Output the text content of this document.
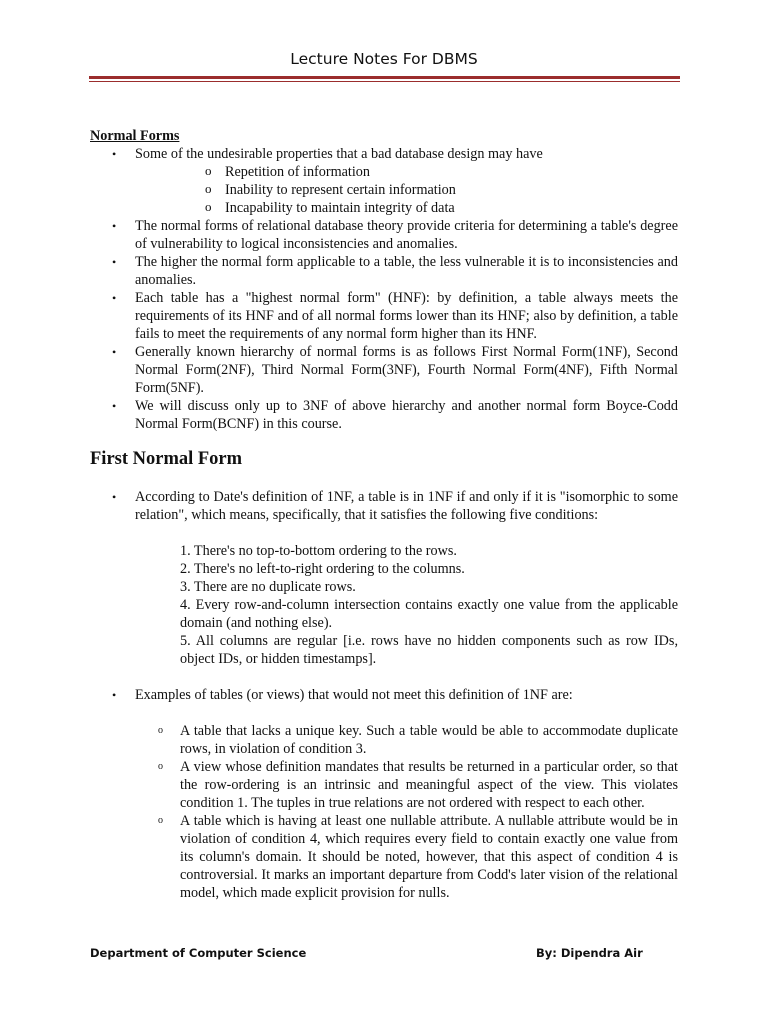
Lecture Notes For DBMS

Normal Forms

• Some of the undesirable properties that a bad database design may have
o Repetition of information
o Inability to represent certain information
o Incapability to maintain integrity of data
• The normal forms of relational database theory provide criteria for determining a table's degree of vulnerability to logical inconsistencies and anomalies.
• The higher the normal form applicable to a table, the less vulnerable it is to inconsistencies and anomalies.
• Each table has a "highest normal form" (HNF): by definition, a table always meets the requirements of its HNF and of all normal forms lower than its HNF; also by definition, a table fails to meet the requirements of any normal form higher than its HNF.
• Generally known hierarchy of normal forms is as follows First Normal Form(1NF), Second Normal Form(2NF), Third Normal Form(3NF), Fourth Normal Form(4NF), Fifth Normal Form(5NF).
• We will discuss only up to 3NF of above hierarchy and another normal form Boyce-Codd Normal Form(BCNF) in this course.

First Normal Form

• According to Date's definition of 1NF, a table is in 1NF if and only if it is "isomorphic to some relation", which means, specifically, that it satisfies the following five conditions:

1. There's no top-to-bottom ordering to the rows.

2. There's no left-to-right ordering to the columns.

3. There are no duplicate rows.

4. Every row-and-column intersection contains exactly one value from the applicable domain (and nothing else).

5. All columns are regular [i.e. rows have no hidden components such as row IDs, object IDs, or hidden timestamps].

• Examples of tables (or views) that would not meet this definition of 1NF are:
o A table that lacks a unique key. Such a table would be able to accommodate duplicate rows, in violation of condition 3.
o A view whose definition mandates that results be returned in a particular order, so that the row-ordering is an intrinsic and meaningful aspect of the view. This violates condition 1. The tuples in true relations are not ordered with respect to each other.
o A table which is having at least one nullable attribute. A nullable attribute would be in violation of condition 4, which requires every field to contain exactly one value from its column's domain. It should be noted, however, that this aspect of condition 4 is controversial. It marks an important departure from Codd's later vision of the relational model, which made explicit provision for nulls.
Department of Computer Science	By: Dipendra Air
